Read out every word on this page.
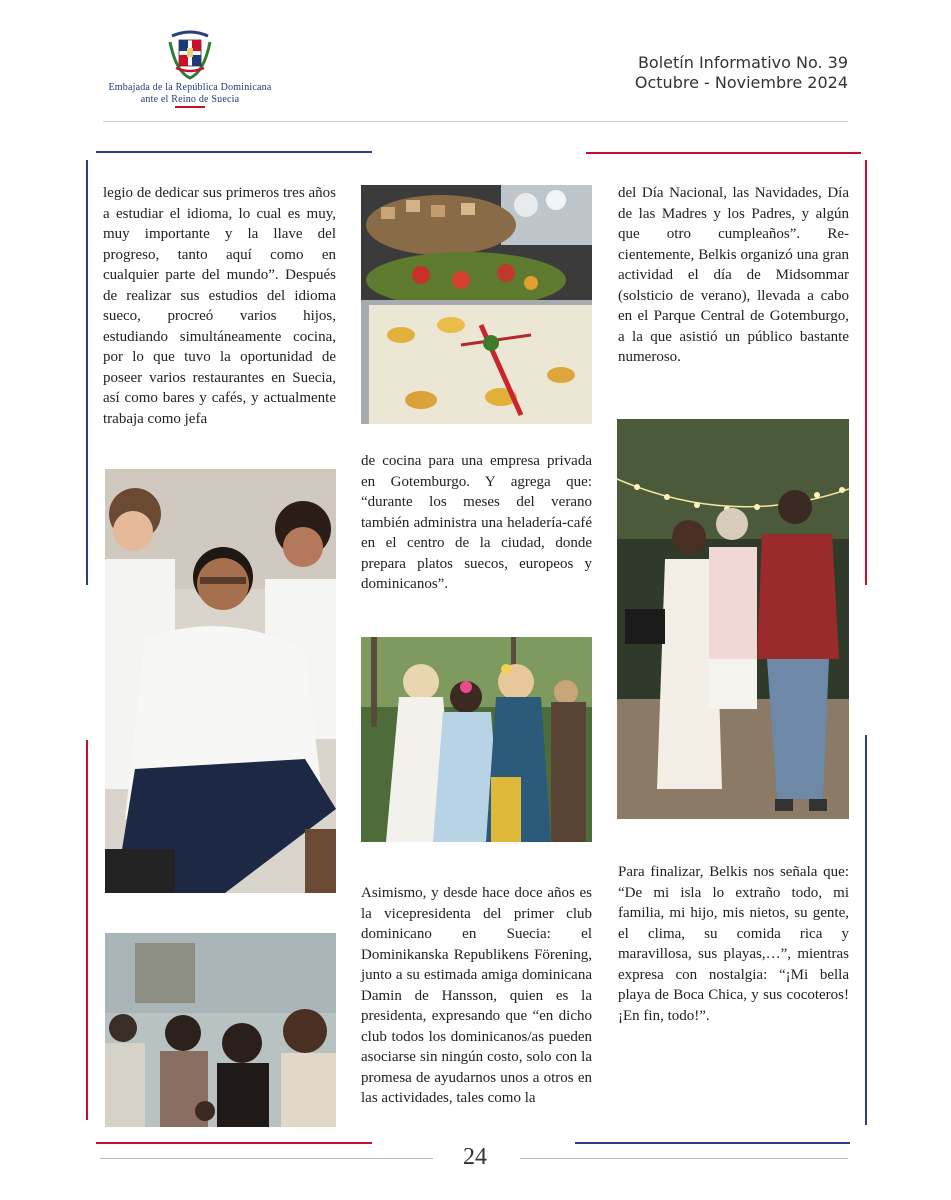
Embajada de la República Dominicana
ante el Reino de Suecia
Boletín Informativo No. 39
Octubre - Noviembre 2024

legio de dedicar sus primeros tres años a estudiar el idioma, lo cual es muy, muy importante y la llave del progreso, tanto aquí como en cualquier parte del mundo”. Después de realizar sus estudios del idioma sueco, procreó varios hijos, estudiando simultáneamente cocina, por lo que tuvo la oportunidad de poseer varios restaurantes en Suecia, así como bares y cafés, y actualmente trabaja como jefa

de cocina para una empresa privada en Gotemburgo. Y agrega que: “durante los meses del verano también administra una heladería-café en el centro de la ciudad, donde prepara platos suecos, europeos y dominicanos”.

Asimismo, y desde hace doce años es la vicepresidenta del primer club dominicano en Suecia: el Dominikanska Republikens Förening, junto a su estimada amiga dominicana Damin de Hansson, quien es la presidenta, expresando que “en dicho club todos los dominicanos/as pueden asociarse sin ningún costo, solo con la promesa de ayudarnos unos a otros en las actividades, tales como la

del Día Nacional, las Navidades, Día de las Madres y los Padres, y algún que otro cumpleaños”. Recientemente, Belkis organizó una gran actividad el día de Midsommar (solsticio de verano), llevada a cabo en el Parque Central de Gotemburgo, a la que asistió un público bastante numeroso.

Para finalizar, Belkis nos señala que: “De mi isla lo extraño todo, mi familia, mi hijo, mis nietos, su gente, el clima, su comida rica y maravillosa, sus playas,…”, mientras expresa con nostalgia: “¡Mi bella playa de Boca Chica, y sus cocoteros! ¡En fin, todo!”.

24
